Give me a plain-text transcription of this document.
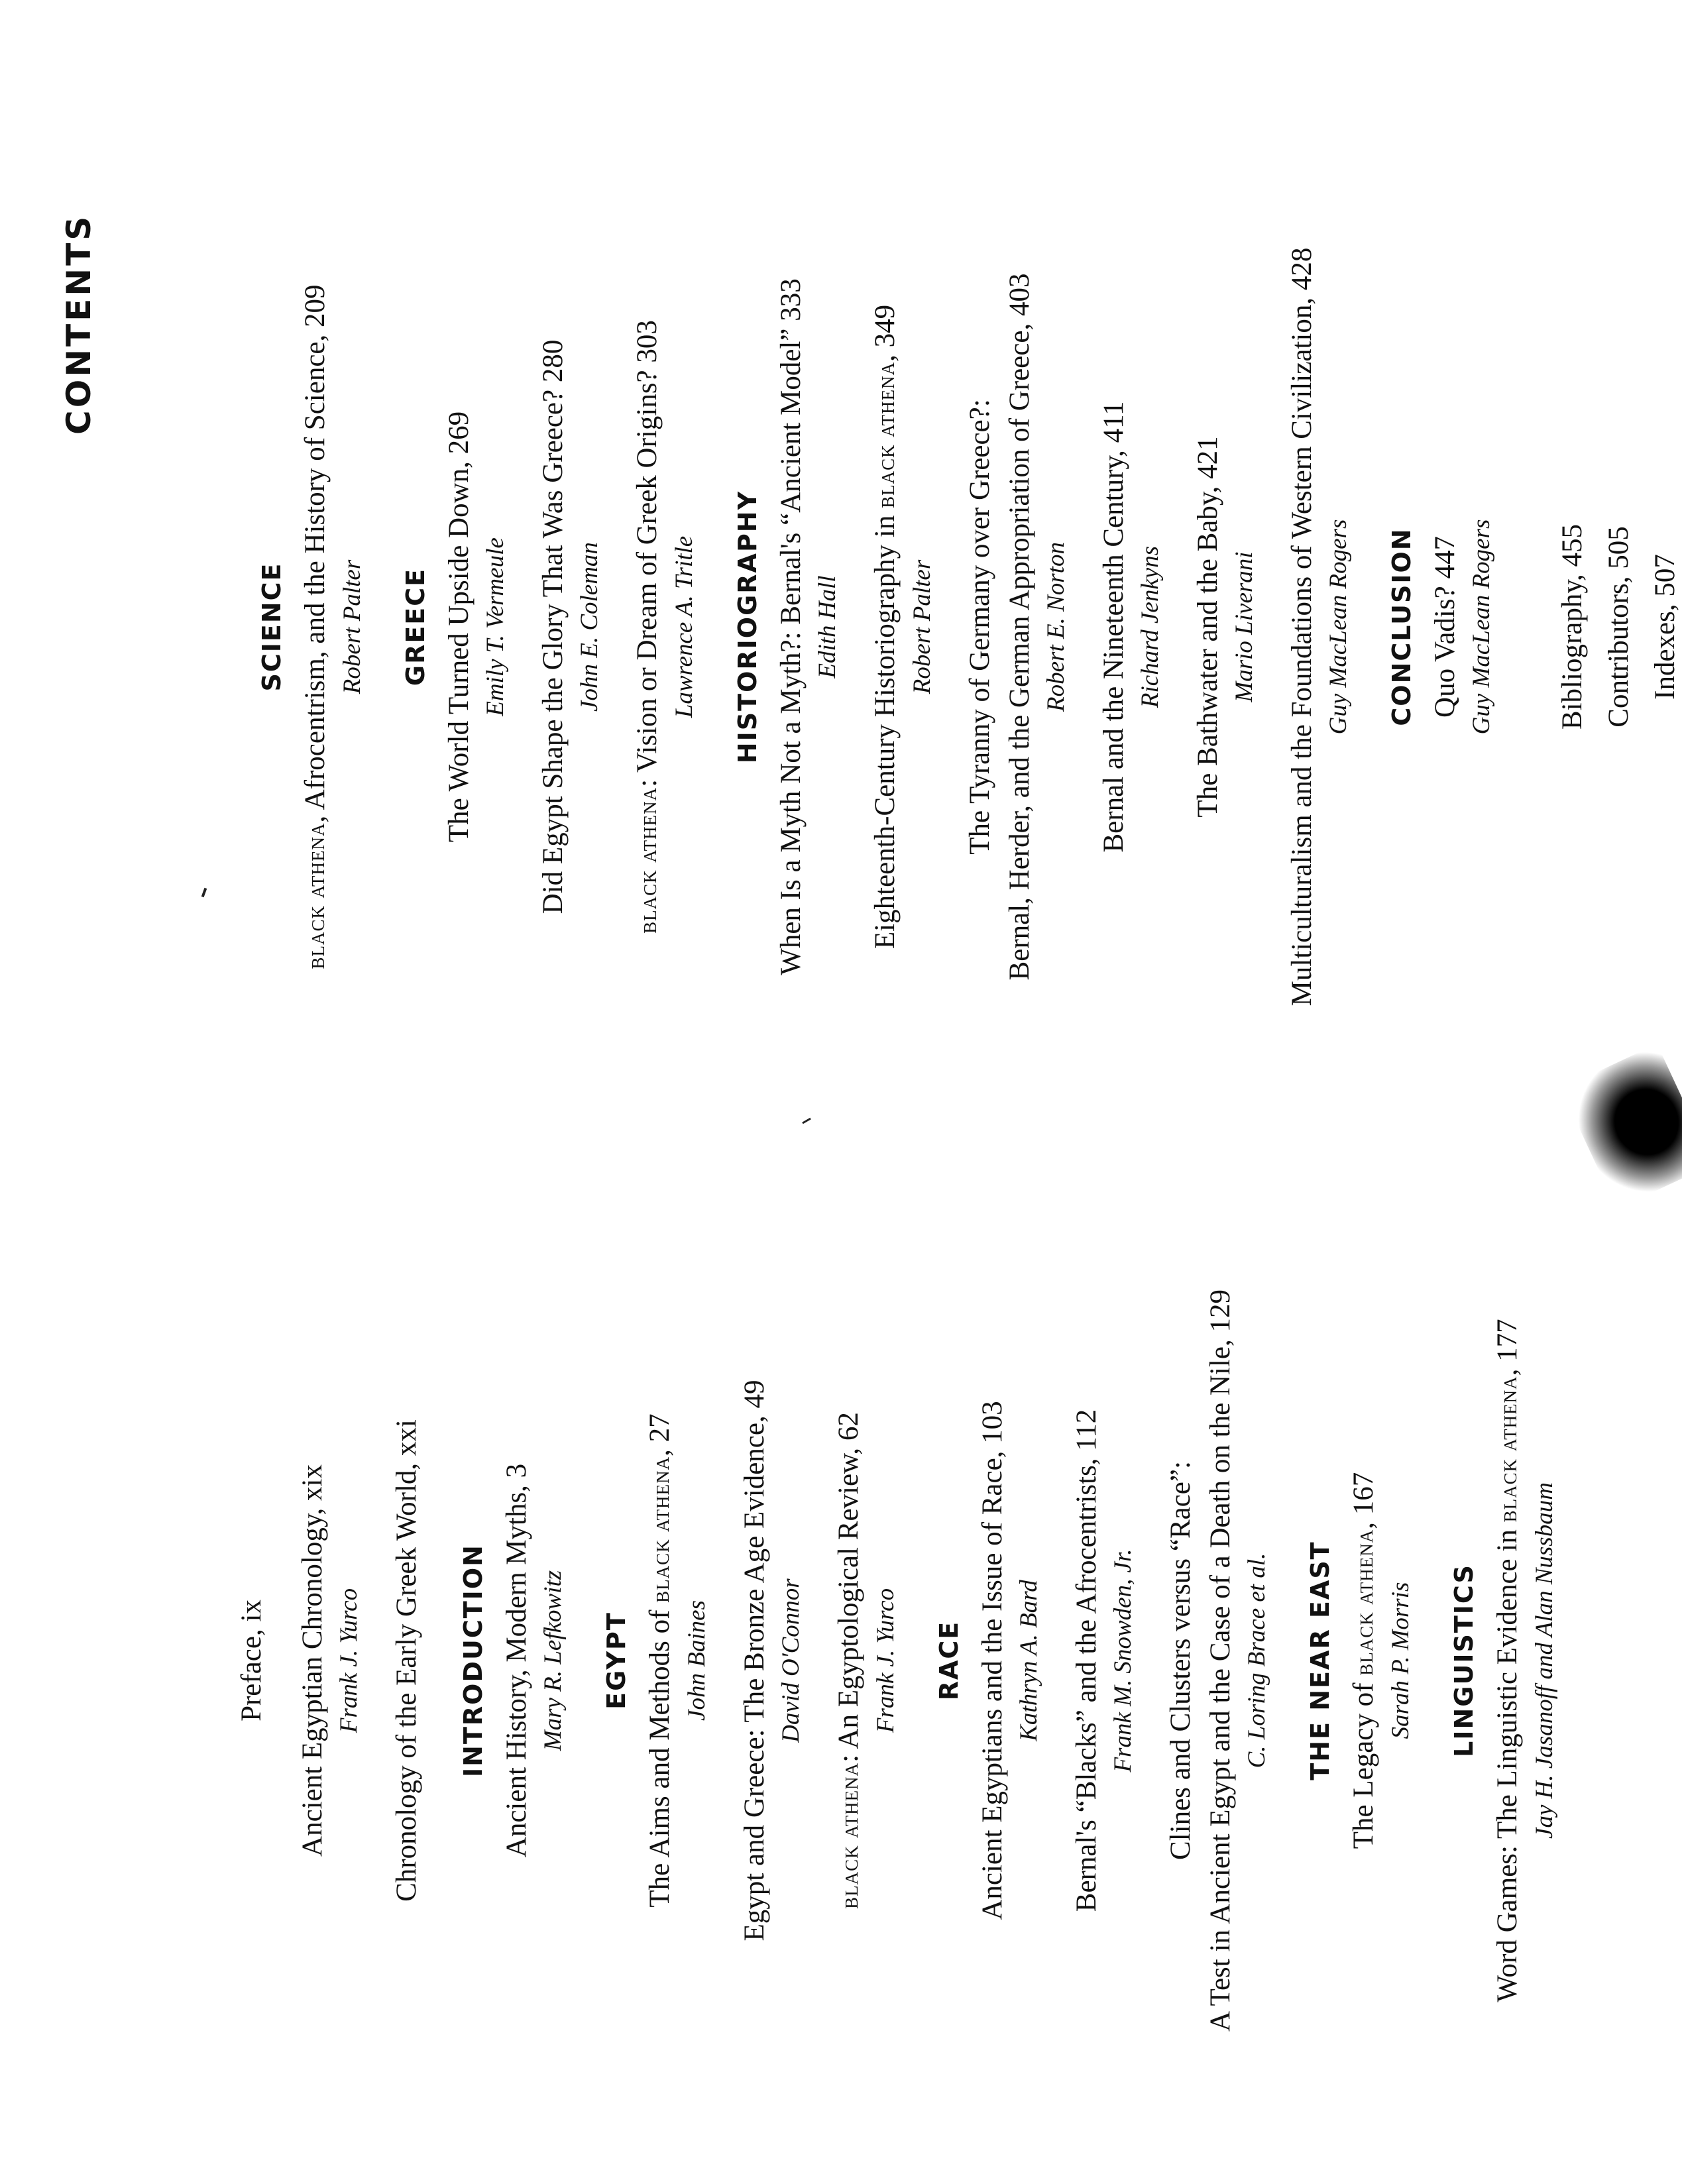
CONTENTS
Preface, ix Ancient Egyptian Chronology, xix Frank J. Yurco Chronology of the Early Greek World, xxi INTRODUCTION Ancient History, Modern Myths, 3 Mary R. Lefkowitz EGYPT The Aims and Methods of black athena, 27
John Baines Egypt and Greece: The Bronze Age Evidence, 49 David O'Connor
black athena: An Egyptological Review, 62 Frank J. Yurco RACE Ancient Egyptians and the Issue of Race, 103 Kathryn A. Bard Bernal's “Blacks” and the Afrocentrists, 112 Frank M. Snowden, Jr. Clines and Clusters versus “Race”: A Test in Ancient Egypt and the Case of a Death on the Nile, 129 C. Loring Brace et al. THE NEAR EAST The Legacy of black athena, 167
Sarah P. Morris LINGUISTICS Word Games: The Linguistic Evidence in black athena, 177
Jay H. Jasanoff and Alan Nussbaum
SCIENCE
black athena, Afrocentrism, and the History of Science, 209 Robert Palter GREECE The World Turned Upside Down, 269 Emily T. Vermeule Did Egypt Shape the Glory That Was Greece? 280 John E. Coleman
black athena: Vision or Dream of Greek Origins? 303 Lawrence A. Tritle HISTORIOGRAPHY When Is a Myth Not a Myth?: Bernal's “Ancient Model” 333 Edith Hall Eighteenth-Century Historiography in black athena, 349
Robert Palter The Tyranny of Germany over Greece?: Bernal, Herder, and the German Appropriation of Greece, 403 Robert E. Norton Bernal and the Nineteenth Century, 411 Richard Jenkyns The Bathwater and the Baby, 421 Mario Liverani Multiculturalism and the Foundations of Western Civilization, 428 Guy MacLean Rogers CONCLUSION Quo Vadis? 447 Guy MacLean Rogers Bibliography, 455 Contributors, 505 Indexes, 507
